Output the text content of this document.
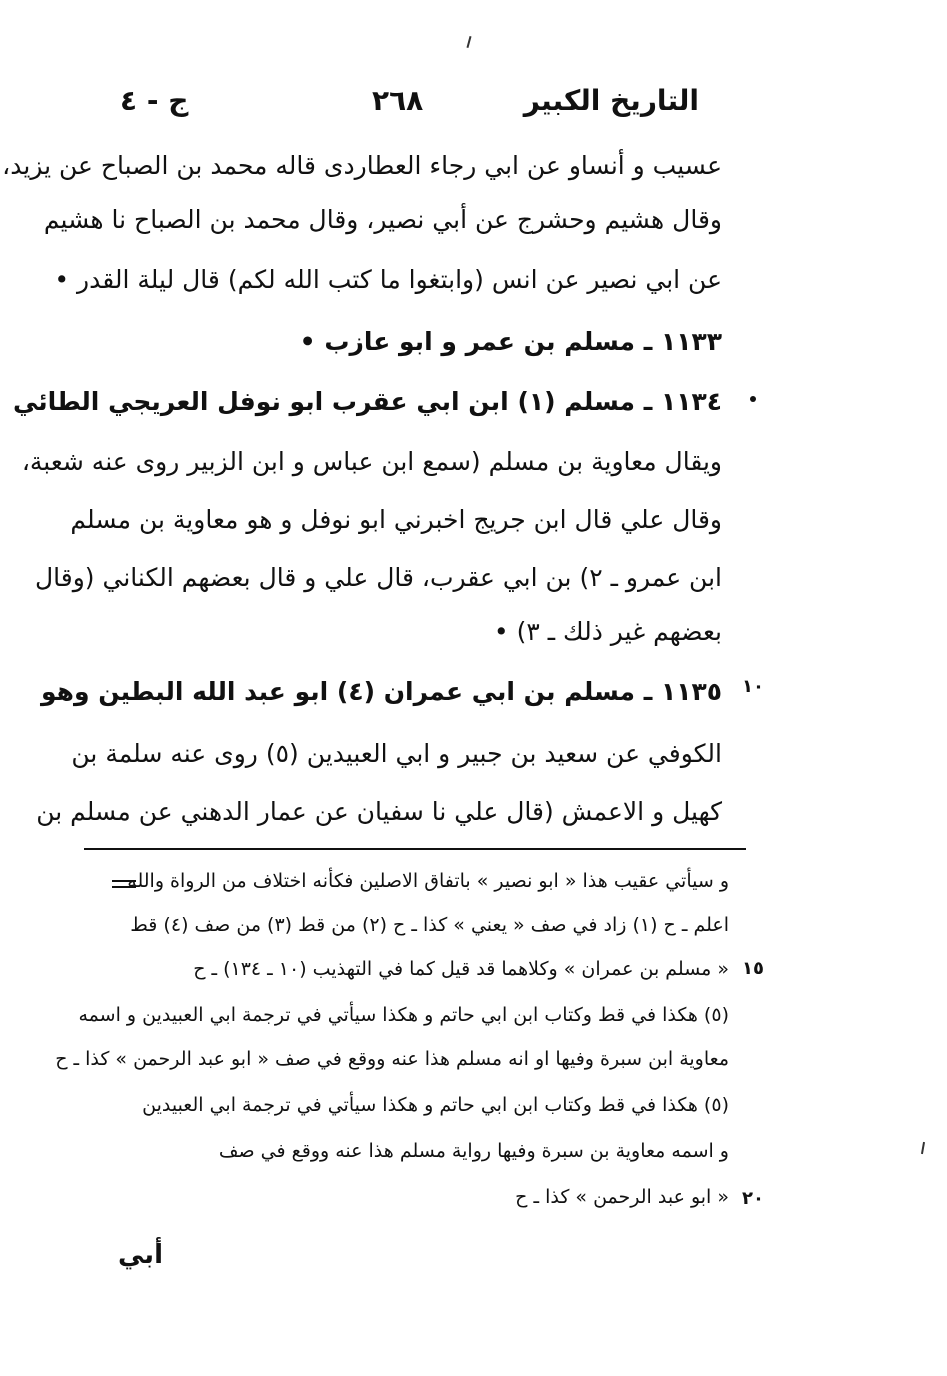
التاريخ الكبير
٢٦٨
ج - ٤
عسيب و أنساو عن ابي رجاء العطاردى قاله محمد بن الصباح عن يزيد،
وقال هشيم وحشرج عن أبي نصير، وقال محمد بن الصباح نا هشيم
عن ابي نصير عن انس (وابتغوا ما كتب الله لكم) قال ليلة القدر •
١١٣٣ ـ مسلم بن عمر و ابو عازب •
١١٣٤ ـ مسلم (١) ابن ابي عقرب ابو نوفل العريجي الطائي
ويقال معاوية بن مسلم (سمع ابن عباس و ابن الزبير روى عنه شعبة،
وقال علي قال ابن جريج اخبرني ابو نوفل و هو معاوية بن مسلم
ابن عمرو ـ ٢) بن ابي عقرب، قال علي و قال بعضهم الكناني (وقال
بعضهم غير ذلك ـ ٣) •
١١٣٥ ـ مسلم بن ابي عمران (٤) ابو عبد الله البطين وهو
الكوفي عن سعيد بن جبير و ابي العبيدين (٥) روى عنه سلمة بن
كهيل و الاعمش (قال علي نا سفيان عن عمار الدهني عن مسلم بن
١٠
و سيأتي عقيب هذا « ابو نصير » باتفاق الاصلين فكأنه اختلاف من الرواة والله
اعلم ـ ح (١) زاد في صف « يعني » كذا ـ ح (٢) من قط (٣) من صف (٤) قط
« مسلم بن عمران » وكلاهما قد قيل كما في التهذيب (١٠ ـ ١٣٤) ـ ح
(٥) هكذا في قط وكتاب ابن ابي حاتم و هكذا سيأتي في ترجمة ابي العبيدين و اسمه
معاوية ابن سبرة وفيها او انه مسلم هذا عنه ووقع في صف « ابو عبد الرحمن » كذا ـ ح
(٥) هكذا في قط وكتاب ابن ابي حاتم و هكذا سيأتي في ترجمة ابي العبيدين
و اسمه معاوية بن سبرة وفيها رواية مسلم هذا عنه ووقع في صف
« ابو عبد الرحمن » كذا ـ ح
١٥
٢٠
أبي
